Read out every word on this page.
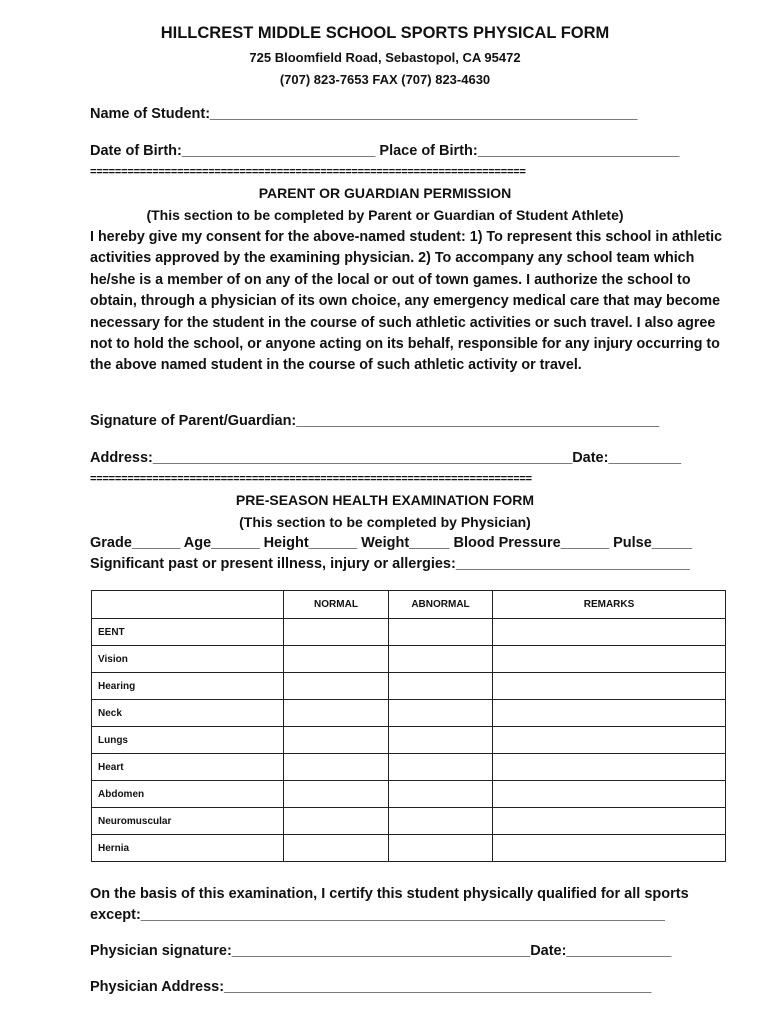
HILLCREST MIDDLE SCHOOL SPORTS PHYSICAL FORM
725 Bloomfield Road, Sebastopol, CA 95472
(707) 823-7653 FAX (707) 823-4630
Name of Student:_____________________________________________________
Date of Birth:________________________ Place of Birth:_________________________
======================================================================
PARENT OR GUARDIAN PERMISSION
(This section to be completed by Parent or Guardian of Student Athlete)
I hereby give my consent for the above-named student: 1) To represent this school in athletic activities approved by the examining physician. 2) To accompany any school team which he/she is a member of on any of the local or out of town games. I authorize the school to obtain, through a physician of its own choice, any emergency medical care that may become necessary for the student in the course of such athletic activities or such travel. I also agree not to hold the school, or anyone acting on its behalf, responsible for any injury occurring to the above named student in the course of such athletic activity or travel.
Signature of Parent/Guardian:_____________________________________________
Address:____________________________________________________Date:_________
=======================================================================
PRE-SEASON HEALTH EXAMINATION FORM
(This section to be completed by Physician)
Grade______ Age______ Height______ Weight_____ Blood Pressure______ Pulse_____
Significant past or present illness, injury or allergies:_____________________________
	NORMAL	ABNORMAL	REMARKS
EENT			
Vision			
Hearing			
Neck			
Lungs			
Heart			
Abdomen			
Neuromuscular			
Hernia			
On the basis of this examination, I certify this student physically qualified for all sports
except:_________________________________________________________________
Physician signature:_____________________________________Date:_____________
Physician Address:_____________________________________________________
